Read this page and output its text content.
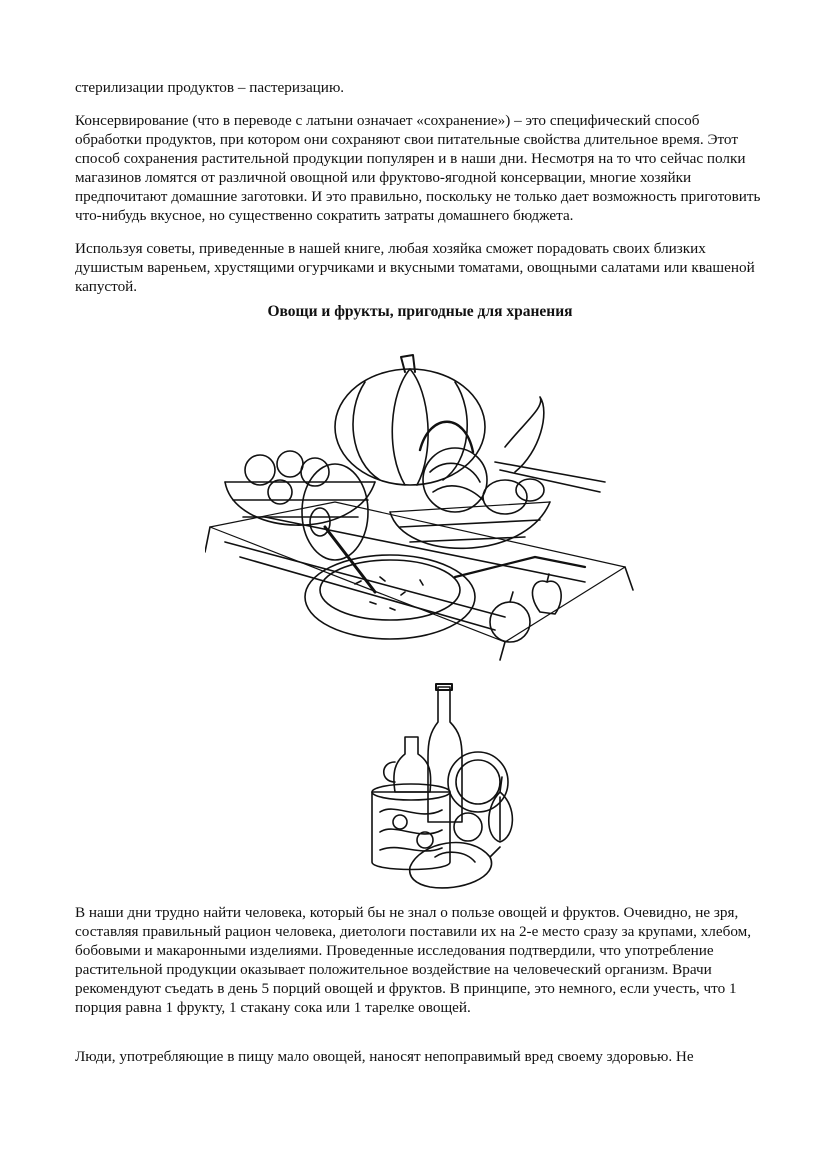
стерилизации продуктов – пастеризацию.

Консервирование (что в переводе с латыни означает «сохранение») – это специфический способ обработки продуктов, при котором они сохраняют свои питательные свойства длительное время. Этот способ сохранения растительной продукции популярен и в наши дни. Несмотря на то что сейчас полки магазинов ломятся от различной овощной или фруктово-ягодной консервации, многие хозяйки предпочитают домашние заготовки. И это правильно, поскольку не только дает возможность приготовить что-нибудь вкусное, но существенно сократить затраты домашнего бюджета.

Используя советы, приведенные в нашей книге, любая хозяйка сможет порадовать своих близких душистым вареньем, хрустящими огурчиками и вкусными томатами, овощными салатами или квашеной капустой.

Овощи и фрукты, пригодные для хранения

В наши дни трудно найти человека, который бы не знал о пользе овощей и фруктов. Очевидно, не зря, составляя правильный рацион человека, диетологи поставили их на 2-е место сразу за крупами, хлебом, бобовыми и макаронными изделиями. Проведенные исследования подтвердили, что употребление растительной продукции оказывает положительное воздействие на человеческий организм. Врачи рекомендуют съедать в день 5 порций овощей и фруктов. В принципе, это немного, если учесть, что 1 порция равна 1 фрукту, 1 стакану сока или 1 тарелке овощей.

Люди, употребляющие в пищу мало овощей, наносят непоправимый вред своему здоровью. Не
